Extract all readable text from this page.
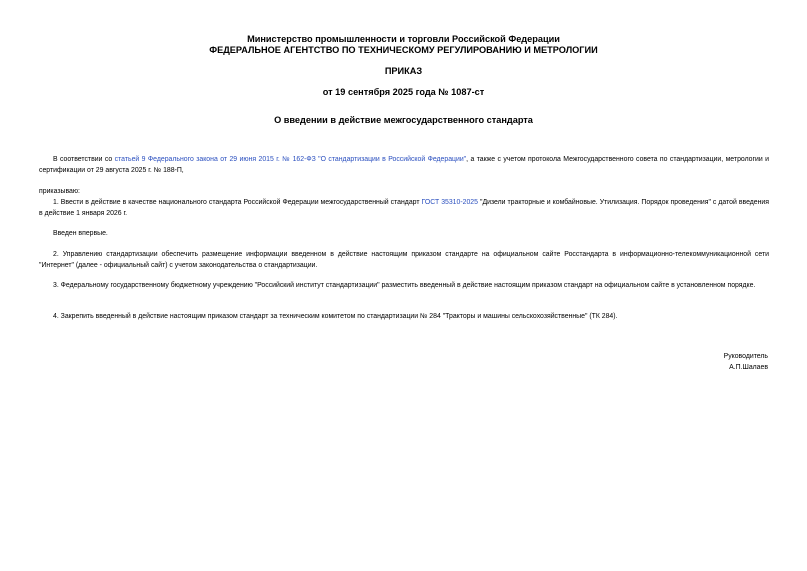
Министерство промышленности и торговли Российской Федерации
ФЕДЕРАЛЬНОЕ АГЕНТСТВО ПО ТЕХНИЧЕСКОМУ РЕГУЛИРОВАНИЮ И МЕТРОЛОГИИ
ПРИКАЗ
от 19 сентября 2025 года № 1087-ст
О введении в действие межгосударственного стандарта
В соответствии со статьей 9 Федерального закона от 29 июня 2015 г. № 162-ФЗ "О стандартизации в Российской Федерации", а также с учетом протокола Межгосударственного совета по стандартизации, метрологии и сертификации от 29 августа 2025 г. № 188-П,
приказываю:
1. Ввести в действие в качестве национального стандарта Российской Федерации межгосударственный стандарт ГОСТ 35310-2025 "Дизели тракторные и комбайновые. Утилизация. Порядок проведения" с датой введения в действие 1 января 2026 г.
Введен впервые.
2. Управлению стандартизации обеспечить размещение информации введенном в действие настоящим приказом стандарте на официальном сайте Росстандарта в информационно-телекоммуникационной сети "Интернет" (далее - официальный сайт) с учетом законодательства о стандартизации.
3. Федеральному государственному бюджетному учреждению "Российский институт стандартизации" разместить введенный в действие настоящим приказом стандарт на официальном сайте в установленном порядке.
4. Закрепить введенный в действие настоящим приказом стандарт за техническим комитетом по стандартизации № 284 "Тракторы и машины сельскохозяйственные" (ТК 284).
Руководитель
А.П.Шалаев
